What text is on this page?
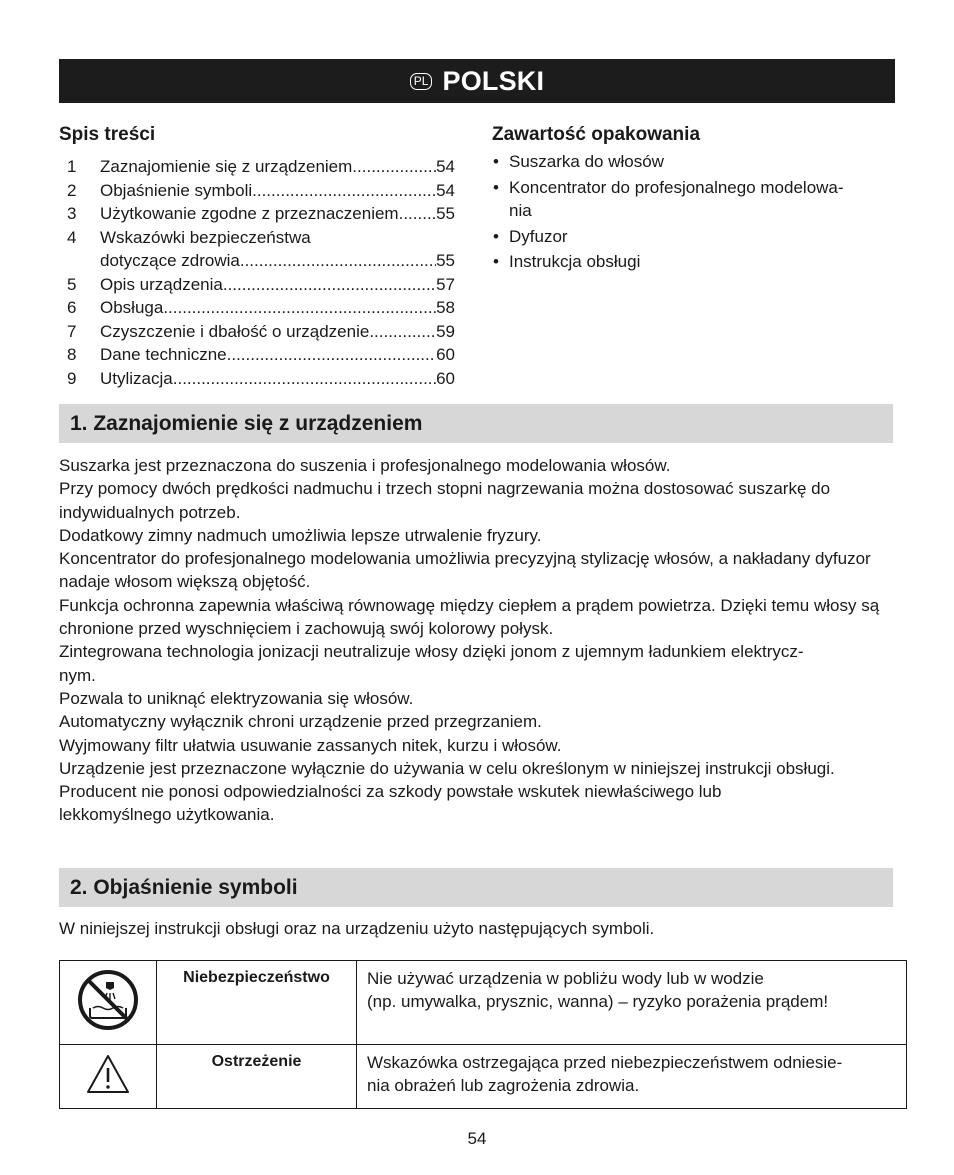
PL POLSKI
Spis treści
1	Zaznajomienie się z urządzeniem .....	54
2	Objaśnienie symboli .....	54
3	Użytkowanie zgodne z przeznaczeniem ..... 55
4	Wskazówki bezpieczeństwa
dotyczące zdrowia .....	55
5	Opis urządzenia .....	57
6	Obsługa .....	58
7	Czyszczenie i dbałość o urządzenie .....	59
8	Dane techniczne .....	60
9	Utylizacja .....	60
Zawartość opakowania
• Suszarka do włosów
• Koncentrator do profesjonalnego modelowa-
nia
• Dyfuzor
• Instrukcja obsługi
1. Zaznajomienie się z urządzeniem

Suszarka jest przeznaczona do suszenia i profesjonalnego modelowania włosów.

Przy pomocy dwóch prędkości nadmuchu i trzech stopni nagrzewania można dostosować suszarkę do indywidualnych potrzeb.

Dodatkowy zimny nadmuch umożliwia lepsze utrwalenie fryzury.

Koncentrator do profesjonalnego modelowania umożliwia precyzyjną stylizację włosów, a nakładany dyfuzor nadaje włosom większą objętość.

Funkcja ochronna zapewnia właściwą równowagę między ciepłem a prądem powietrza. Dzięki temu włosy są chronione przed wyschnięciem i zachowują swój kolorowy połysk.

Zintegrowana technologia jonizacji neutralizuje włosy dzięki jonom z ujemnym ładunkiem elektrycz-
nym.

Pozwala to uniknąć elektryzowania się włosów.

Automatyczny wyłącznik chroni urządzenie przed przegrzaniem.

Wyjmowany filtr ułatwia usuwanie zassanych nitek, kurzu i włosów.

Urządzenie jest przeznaczone wyłącznie do używania w celu określonym w niniejszej instrukcji obsługi.

Producent nie ponosi odpowiedzialności za szkody powstałe wskutek niewłaściwego lub lekkomyślnego użytkowania.

2. Objaśnienie symboli
W niniejszej instrukcji obsługi oraz na urządzeniu użyto następujących symboli.
	Niebezpieczeństwo	Nie używać urządzenia w pobliżu wody lub w wodzie
(np. umywalka, prysznic, wanna) – ryzyko porażenia prądem!
	Ostrzeżenie	Wskazówka ostrzegająca przed niebezpieczeństwem odniesie-
nia obrażeń lub zagrożenia zdrowia.
54
